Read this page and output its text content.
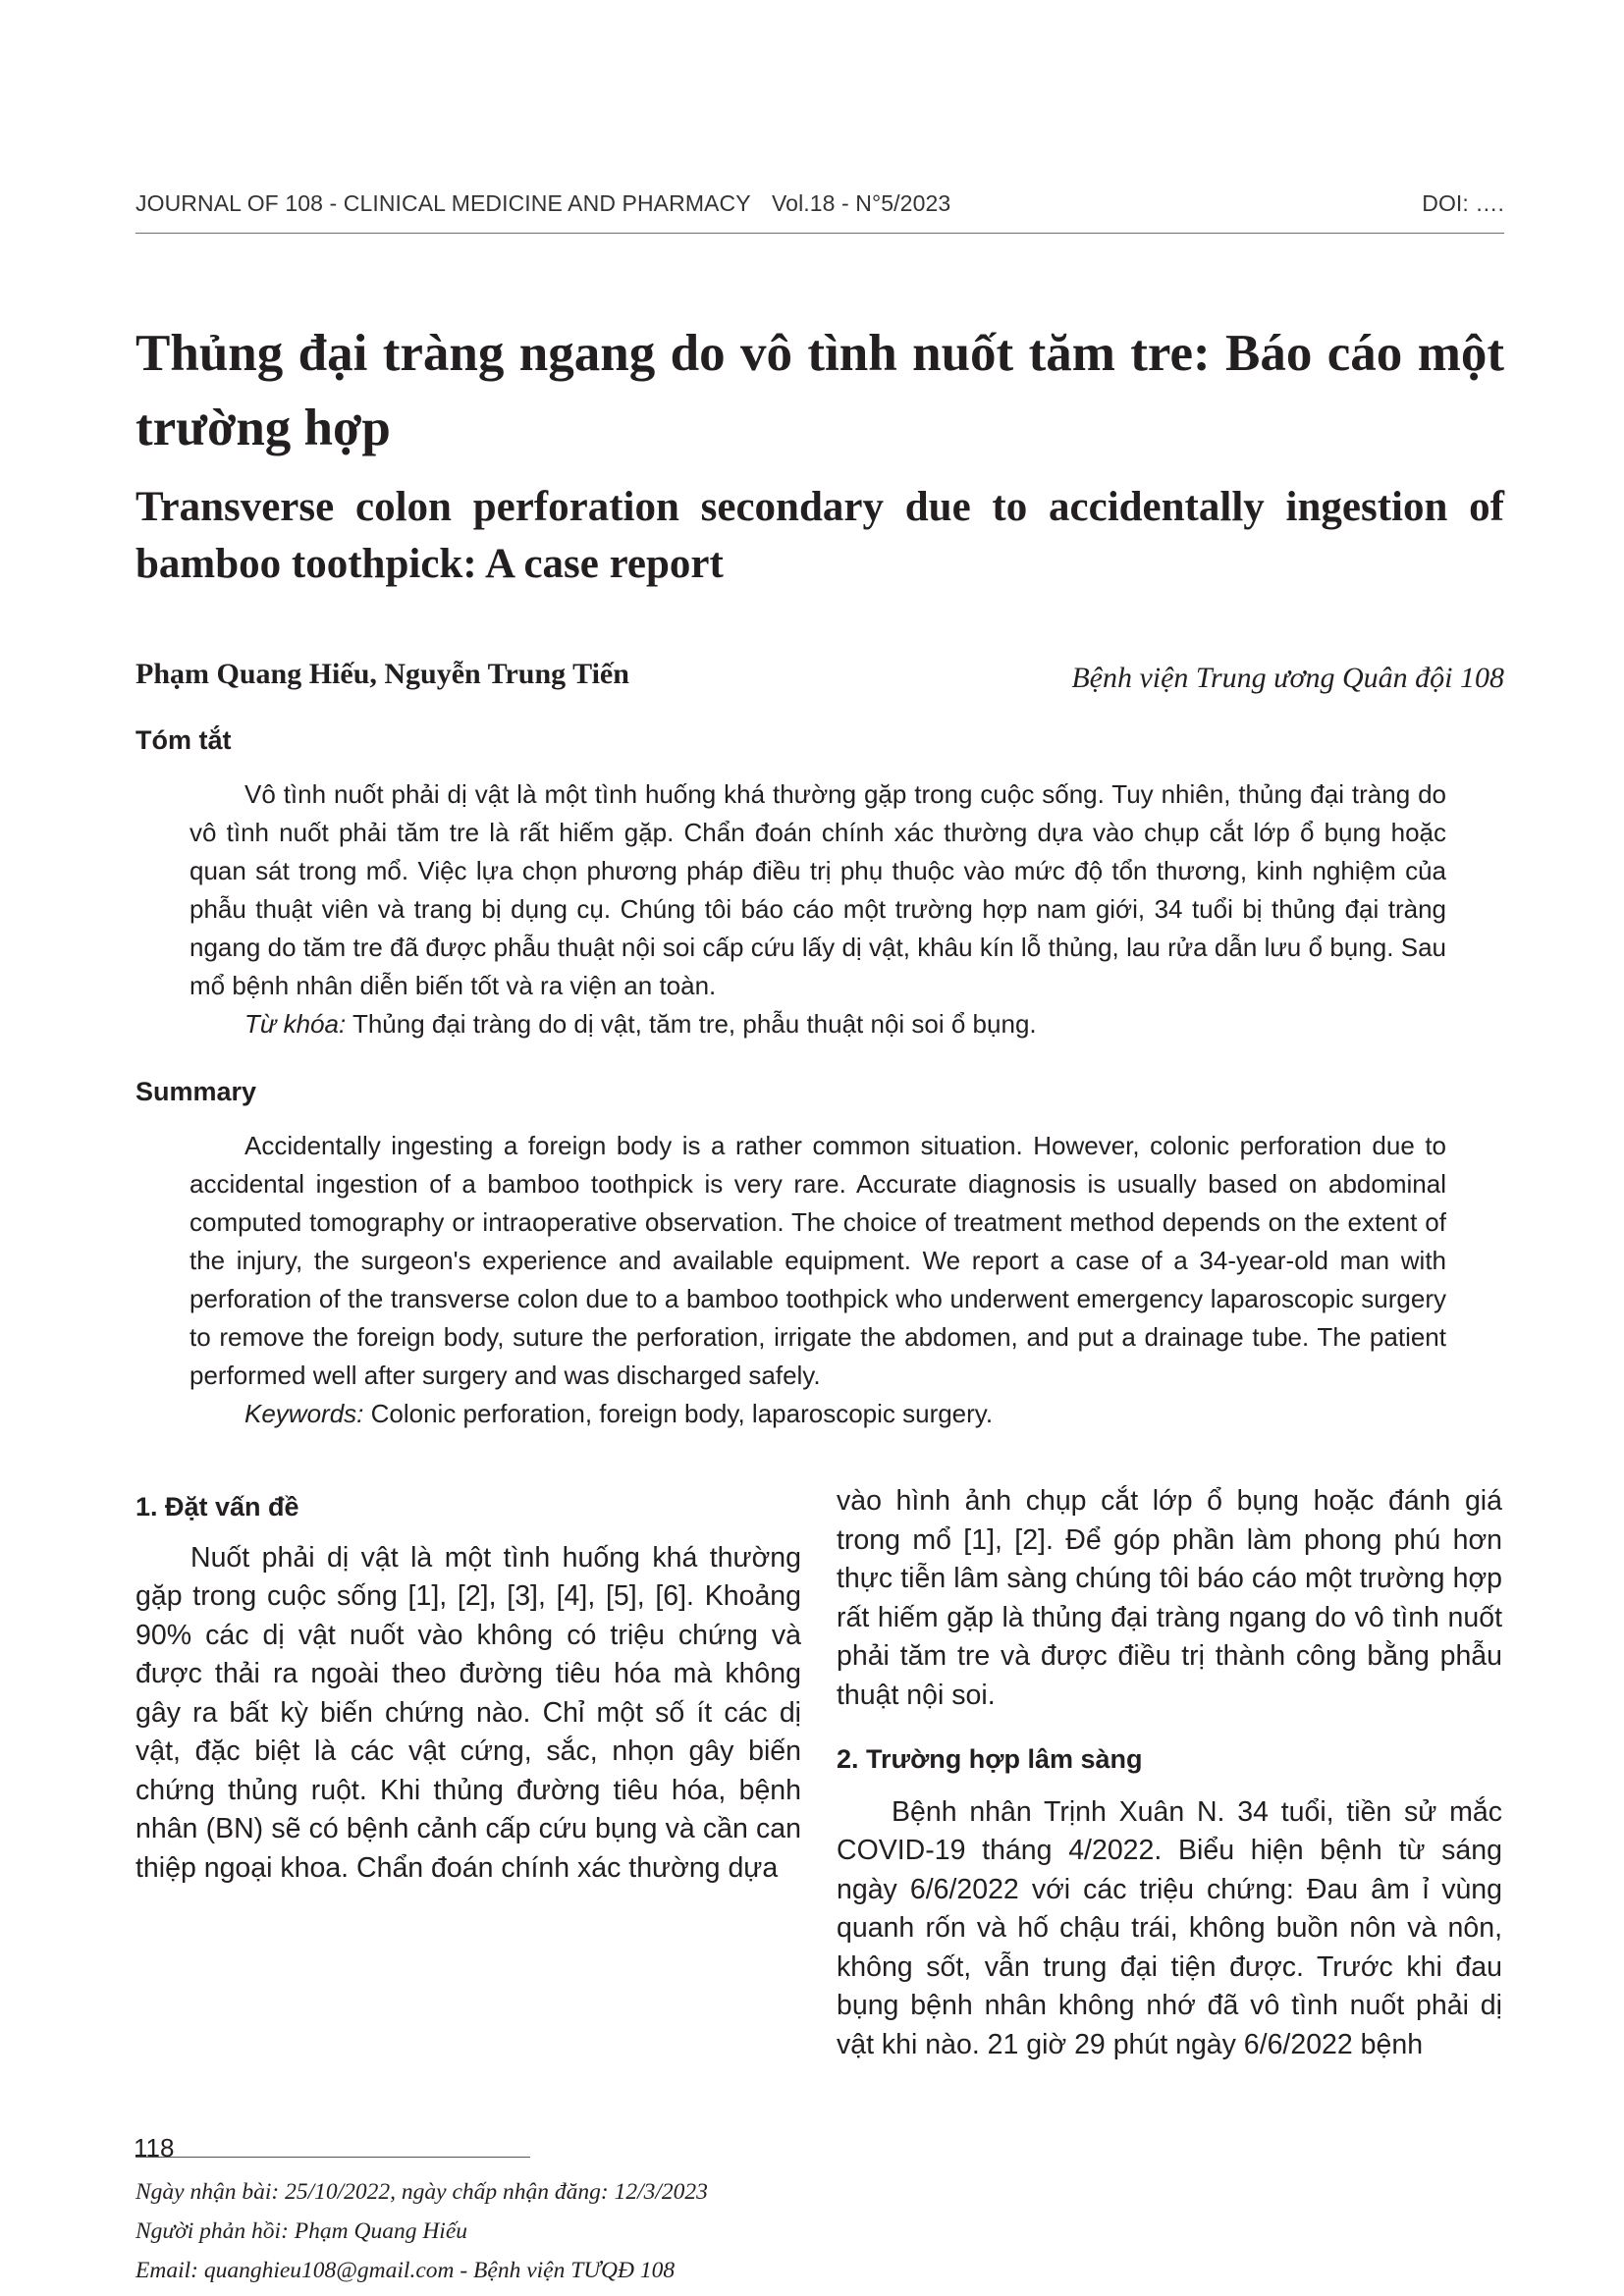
JOURNAL OF 108 - CLINICAL MEDICINE AND PHARMACY Vol.18 - N°5/2023	DOI: ….
Thủng đại tràng ngang do vô tình nuốt tăm tre: Báo cáo một trường hợp
Transverse colon perforation secondary due to accidentally ingestion of bamboo toothpick: A case report
Phạm Quang Hiếu, Nguyễn Trung Tiến	Bệnh viện Trung ương Quân đội 108
Tóm tắt

Vô tình nuốt phải dị vật là một tình huống khá thường gặp trong cuộc sống. Tuy nhiên, thủng đại tràng do vô tình nuốt phải tăm tre là rất hiếm gặp. Chẩn đoán chính xác thường dựa vào chụp cắt lớp ổ bụng hoặc quan sát trong mổ. Việc lựa chọn phương pháp điều trị phụ thuộc vào mức độ tổn thương, kinh nghiệm của phẫu thuật viên và trang bị dụng cụ. Chúng tôi báo cáo một trường hợp nam giới, 34 tuổi bị thủng đại tràng ngang do tăm tre đã được phẫu thuật nội soi cấp cứu lấy dị vật, khâu kín lỗ thủng, lau rửa dẫn lưu ổ bụng. Sau mổ bệnh nhân diễn biến tốt và ra viện an toàn.

Từ khóa: Thủng đại tràng do dị vật, tăm tre, phẫu thuật nội soi ổ bụng.
Summary

Accidentally ingesting a foreign body is a rather common situation. However, colonic perforation due to accidental ingestion of a bamboo toothpick is very rare. Accurate diagnosis is usually based on abdominal computed tomography or intraoperative observation. The choice of treatment method depends on the extent of the injury, the surgeon's experience and available equipment. We report a case of a 34-year-old man with perforation of the transverse colon due to a bamboo toothpick who underwent emergency laparoscopic surgery to remove the foreign body, suture the perforation, irrigate the abdomen, and put a drainage tube. The patient performed well after surgery and was discharged safely.

Keywords: Colonic perforation, foreign body, laparoscopic surgery.
1. Đặt vấn đề

Nuốt phải dị vật là một tình huống khá thường gặp trong cuộc sống [1], [2], [3], [4], [5], [6]. Khoảng 90% các dị vật nuốt vào không có triệu chứng và được thải ra ngoài theo đường tiêu hóa mà không gây ra bất kỳ biến chứng nào. Chỉ một số ít các dị vật, đặc biệt là các vật cứng, sắc, nhọn gây biến chứng thủng ruột. Khi thủng đường tiêu hóa, bệnh nhân (BN) sẽ có bệnh cảnh cấp cứu bụng và cần can thiệp ngoại khoa. Chẩn đoán chính xác thường dựa

vào hình ảnh chụp cắt lớp ổ bụng hoặc đánh giá trong mổ [1], [2]. Để góp phần làm phong phú hơn thực tiễn lâm sàng chúng tôi báo cáo một trường hợp rất hiếm gặp là thủng đại tràng ngang do vô tình nuốt phải tăm tre và được điều trị thành công bằng phẫu thuật nội soi.

2. Trường hợp lâm sàng

Bệnh nhân Trịnh Xuân N. 34 tuổi, tiền sử mắc COVID-19 tháng 4/2022. Biểu hiện bệnh từ sáng ngày 6/6/2022 với các triệu chứng: Đau âm ỉ vùng quanh rốn và hố chậu trái, không buồn nôn và nôn, không sốt, vẫn trung đại tiện được. Trước khi đau bụng bệnh nhân không nhớ đã vô tình nuốt phải dị vật khi nào. 21 giờ 29 phút ngày 6/6/2022 bệnh

Ngày nhận bài: 25/10/2022, ngày chấp nhận đăng: 12/3/2023
Người phản hồi: Phạm Quang Hiếu
Email: quanghieu108@gmail.com - Bệnh viện TƯQĐ 108
118
